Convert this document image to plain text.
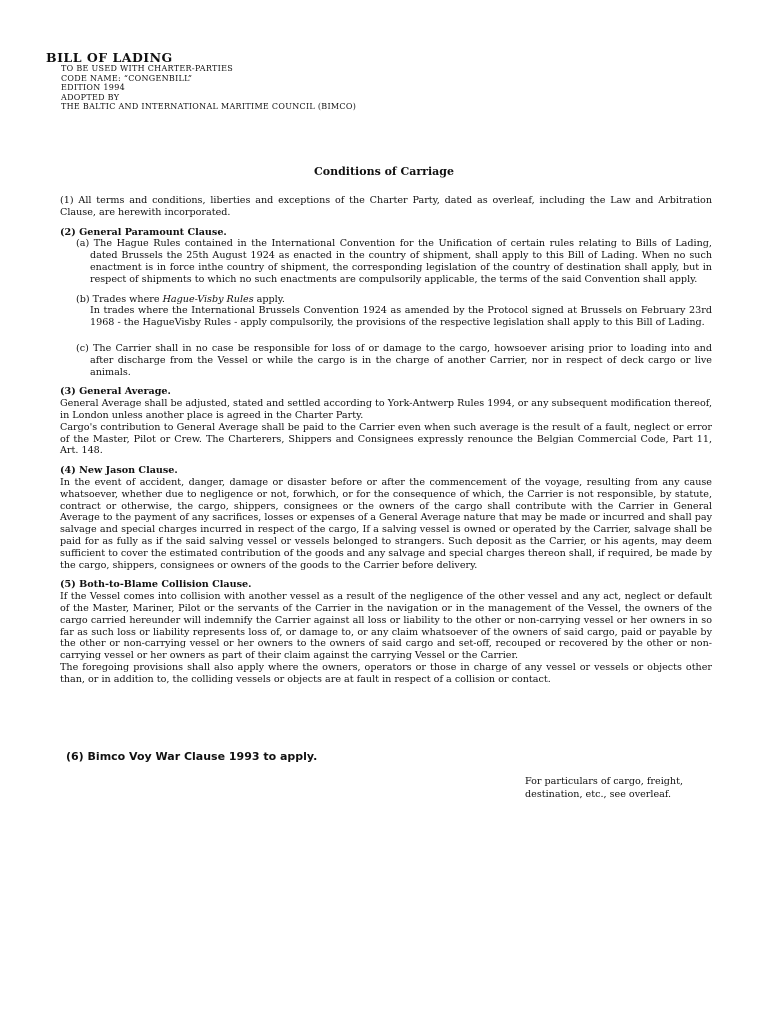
BILL OF LADING
TO BE USED WITH CHARTER-PARTIES
CODE NAME: “CONGENBILL”
EDITION 1994
ADOPTED BY
THE BALTIC AND INTERNATIONAL MARITIME COUNCIL (BIMCO)
Conditions of Carriage

(1) All terms and conditions, liberties and exceptions of the Charter Party, dated as overleaf, including the Law and Arbitration Clause, are herewith incorporated.

(2) General Paramount Clause.

(a) The Hague Rules contained in the International Convention for the Unification of certain rules relating to Bills of Lading, dated Brussels the 25th August 1924 as enacted in the country of shipment, shall apply to this Bill of Lading. When no such enactment is in force inthe country of shipment, the corresponding legislation of the country of destination shall apply, but in respect of shipments to which no such enactments are compulsorily applicable, the terms of the said Convention shall apply.

(b) Trades where Hague-Visby Rules apply.

In trades where the International Brussels Convention 1924 as amended by the Protocol signed at Brussels on February 23rd 1968 - the HagueVisby Rules - apply compulsorily, the provisions of the respective legislation shall apply to this Bill of Lading.

(c) The Carrier shall in no case be responsible for loss of or damage to the cargo, howsoever arising prior to loading into and after discharge from the Vessel or while the cargo is in the charge of another Carrier, nor in respect of deck cargo or live animals.

(3) General Average.

General Average shall be adjusted, stated and settled according to York-Antwerp Rules 1994, or any subsequent modification thereof, in London unless another place is agreed in the Charter Party.

Cargo's contribution to General Average shall be paid to the Carrier even when such average is the result of a fault, neglect or error of the Master, Pilot or Crew. The Charterers, Shippers and Consignees expressly renounce the Belgian Commercial Code, Part 11, Art. 148.

(4) New Jason Clause.

In the event of accident, danger, damage or disaster before or after the commencement of the voyage, resulting from any cause whatsoever, whether due to negligence or not, forwhich, or for the consequence of which, the Carrier is not responsible, by statute, contract or otherwise, the cargo, shippers, consignees or the owners of the cargo shall contribute with the Carrier in General Average to the payment of any sacrifices, losses or expenses of a General Average nature that may be made or incurred and shall pay salvage and special charges incurred in respect of the cargo, If a salving vessel is owned or operated by the Carrier, salvage shall be paid for as fully as if the said salving vessel or vessels belonged to strangers. Such deposit as the Carrier, or his agents, may deem sufficient to cover the estimated contribution of the goods and any salvage and special charges thereon shall, if required, be made by the cargo, shippers, consignees or owners of the goods to the Carrier before delivery.

(5) Both-to-Blame Collision Clause.

If the Vessel comes into collision with another vessel as a result of the negligence of the other vessel and any act, neglect or default of the Master, Mariner, Pilot or the servants of the Carrier in the navigation or in the management of the Vessel, the owners of the cargo carried hereunder will indemnify the Carrier against all loss or liability to the other or non-carrying vessel or her owners in so far as such loss or liability represents loss of, or damage to, or any claim whatsoever of the owners of said cargo, paid or payable by the other or non-carrying vessel or her owners to the owners of said cargo and set-off, recouped or recovered by the other or non-carrying vessel or her owners as part of their claim against the carrying Vessel or the Carrier.

The foregoing provisions shall also apply where the owners, operators or those in charge of any vessel or vessels or objects other than, or in addition to, the colliding vessels or objects are at fault in respect of a collision or contact.

(6) Bimco Voy War Clause 1993 to apply.
For particulars of cargo, freight,
destination, etc., see overleaf.
